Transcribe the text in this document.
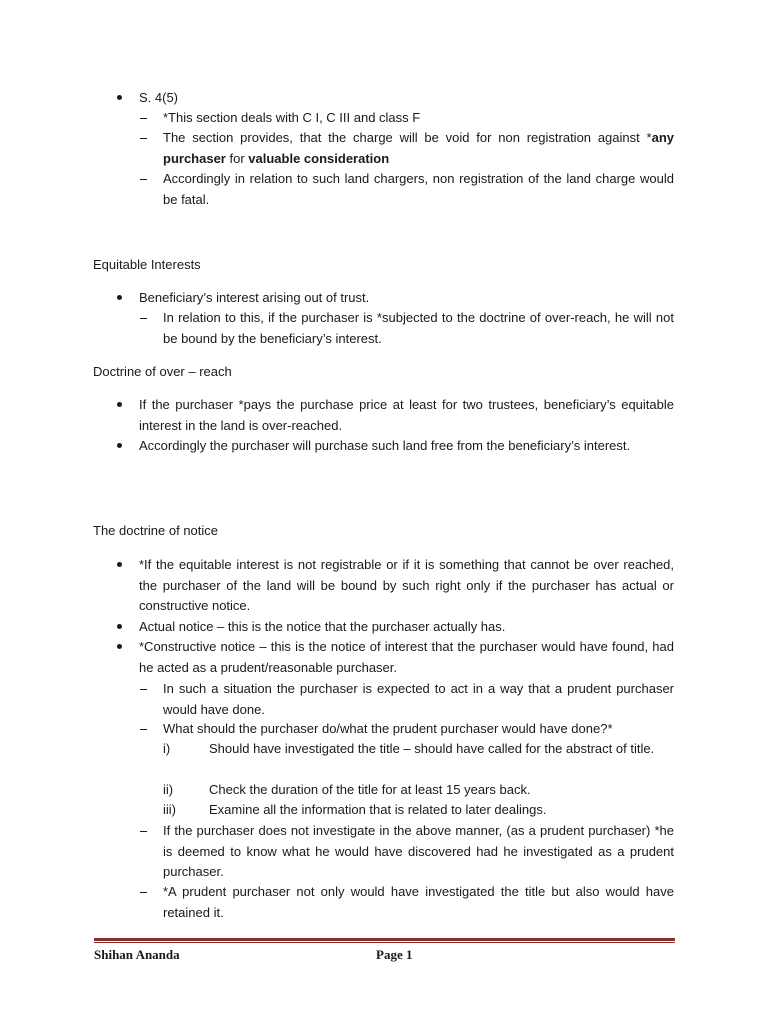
S. 4(5)
*This section deals with C I, C III and class F
The section provides, that the charge will be void for non registration against *any purchaser for valuable consideration
Accordingly in relation to such land chargers, non registration of the land charge would be fatal.
Equitable Interests
Beneficiary’s interest arising out of trust.
In relation to this, if the purchaser is *subjected to the doctrine of over-reach, he will not be bound by the beneficiary’s interest.
Doctrine of over – reach
If the purchaser *pays the purchase price at least for two trustees, beneficiary’s equitable interest in the land is over-reached.
Accordingly the purchaser will purchase such land free from the beneficiary’s interest.
The doctrine of notice
*If the equitable interest is not registrable or if it is something that cannot be over reached, the purchaser of the land will be bound by such right only if the purchaser has actual or constructive notice.
Actual notice – this is the notice that the purchaser actually has.
*Constructive notice – this is the notice of interest that the purchaser would have found, had he acted as a prudent/reasonable purchaser.
In such a situation the purchaser is expected to act in a way that a prudent purchaser would have done.
What should the purchaser do/what the prudent purchaser would have done?*
i)	Should have investigated the title – should have called for the abstract of title.
ii)	Check the duration of the title for at least 15 years back.
iii)	Examine all the information that is related to later dealings.
If the purchaser does not investigate in the above manner, (as a prudent purchaser) *he is deemed to know what he would have discovered had he investigated as a prudent purchaser.
*A prudent purchaser not only would have investigated the title but also would have retained it.
Shihan Ananda	Page 1
